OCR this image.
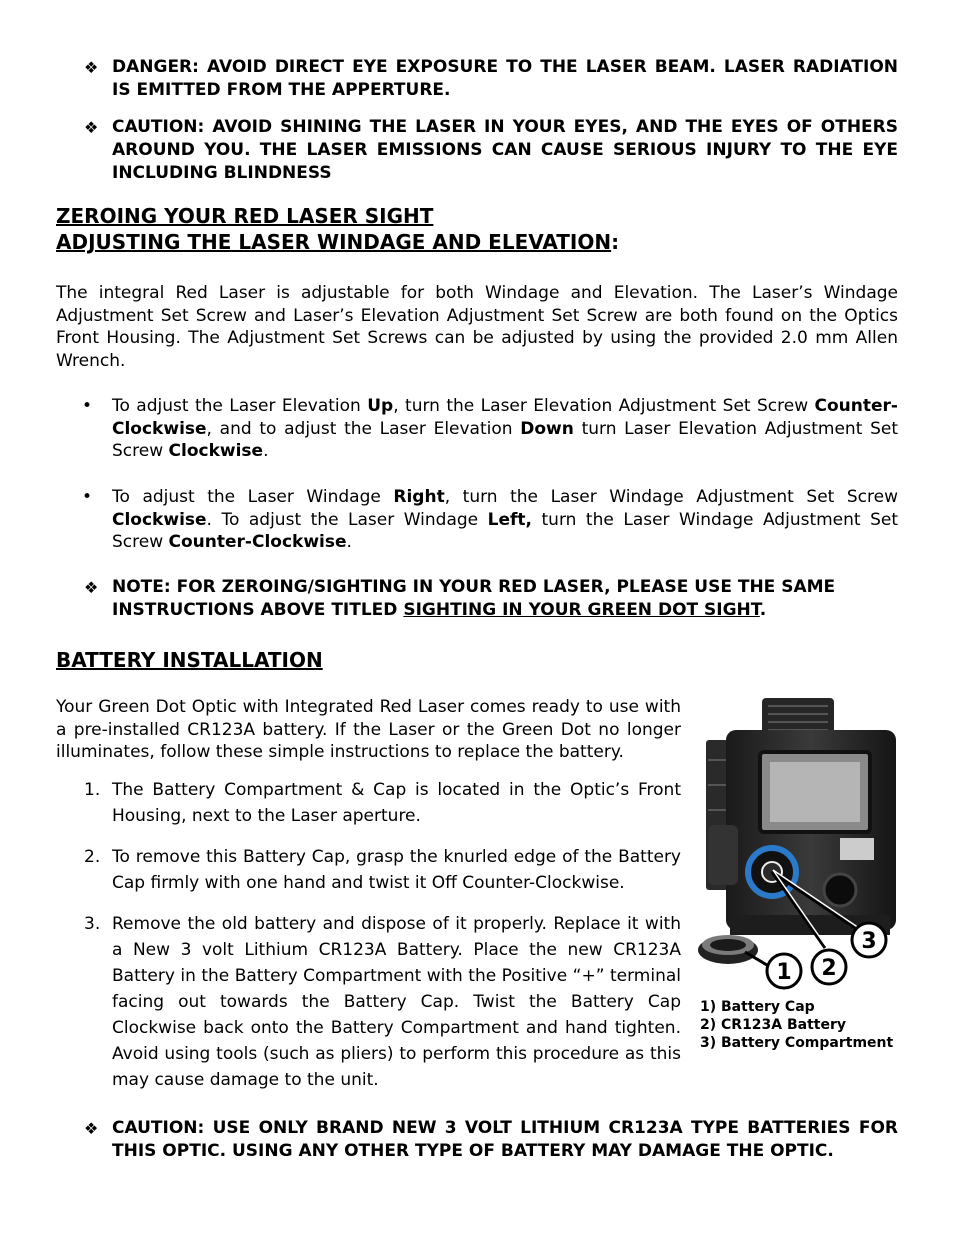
❖ DANGER: AVOID DIRECT EYE EXPOSURE TO THE LASER BEAM. LASER RADIATION IS EMITTED FROM THE APPERTURE.
❖ CAUTION: AVOID SHINING THE LASER IN YOUR EYES, AND THE EYES OF OTHERS AROUND YOU. THE LASER EMISSIONS CAN CAUSE SERIOUS INJURY TO THE EYE INCLUDING BLINDNESS
ZEROING YOUR RED LASER SIGHT
ADJUSTING THE LASER WINDAGE AND ELEVATION:
The integral Red Laser is adjustable for both Windage and Elevation. The Laser’s Windage Adjustment Set Screw and Laser’s Elevation Adjustment Set Screw are both found on the Optics Front Housing. The Adjustment Set Screws can be adjusted by using the provided 2.0 mm Allen Wrench.
• To adjust the Laser Elevation Up, turn the Laser Elevation Adjustment Set Screw Counter-Clockwise, and to adjust the Laser Elevation Down turn Laser Elevation Adjustment Set Screw Clockwise.
• To adjust the Laser Windage Right, turn the Laser Windage Adjustment Set Screw Clockwise. To adjust the Laser Windage Left, turn the Laser Windage Adjustment Set Screw Counter-Clockwise.
❖ NOTE: FOR ZEROING/SIGHTING IN YOUR RED LASER, PLEASE USE THE SAME INSTRUCTIONS ABOVE TITLED SIGHTING IN YOUR GREEN DOT SIGHT.
BATTERY INSTALLATION
Your Green Dot Optic with Integrated Red Laser comes ready to use with a pre-installed CR123A battery. If the Laser or the Green Dot no longer illuminates, follow these simple instructions to replace the battery.
1. The Battery Compartment & Cap is located in the Optic’s Front Housing, next to the Laser aperture.
2. To remove this Battery Cap, grasp the knurled edge of the Battery Cap firmly with one hand and twist it Off Counter-Clockwise.
3. Remove the old battery and dispose of it properly. Replace it with a New 3 volt Lithium CR123A Battery. Place the new CR123A Battery in the Battery Compartment with the Positive “+” terminal facing out towards the Battery Cap. Twist the Battery Cap Clockwise back onto the Battery Compartment and hand tighten. Avoid using tools (such as pliers) to perform this procedure as this may cause damage to the unit.
1 2
3
1) Battery Cap
2) CR123A Battery
3) Battery Compartment
❖ CAUTION: USE ONLY BRAND NEW 3 VOLT LITHIUM CR123A TYPE BATTERIES FOR THIS OPTIC. USING ANY OTHER TYPE OF BATTERY MAY DAMAGE THE OPTIC.
